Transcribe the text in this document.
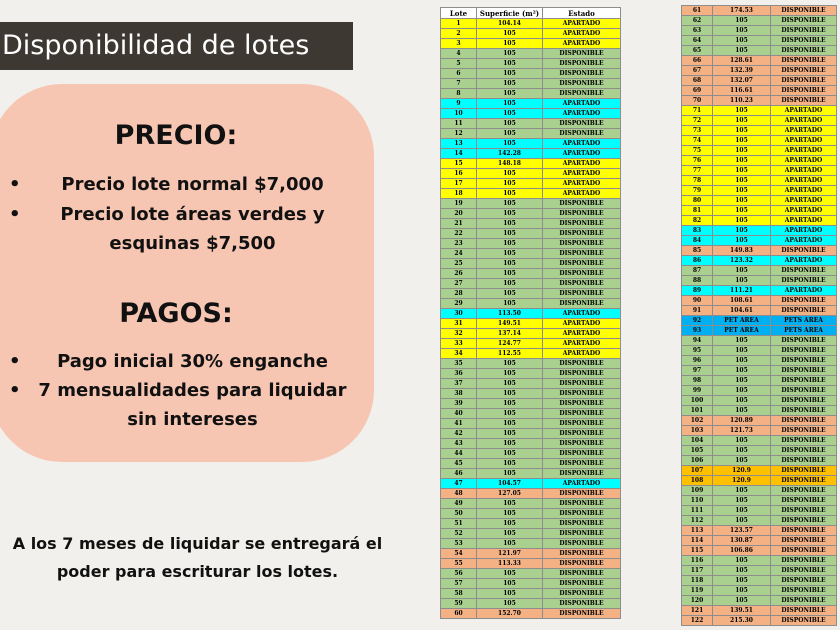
Disponibilidad de lotes
PRECIO:
• Precio lote normal $7,000
• Precio lote áreas verdes y esquinas $7,500
PAGOS:
• Pago inicial 30% enganche
• 7 mensualidades para liquidar sin intereses
A los 7 meses de liquidar se entregará el poder para escriturar los lotes.
Lote	Superficie (m²)	Estado
1	104.14	APARTADO
2	105	APARTADO
3	105	APARTADO
4	105	DISPONIBLE
5	105	DISPONIBLE
6	105	DISPONIBLE
7	105	DISPONIBLE
8	105	DISPONIBLE
9	105	APARTADO
10	105	APARTADO
11	105	DISPONIBLE
12	105	DISPONIBLE
13	105	APARTADO
14	142.28	APARTADO
15	148.18	APARTADO
16	105	APARTADO
17	105	APARTADO
18	105	APARTADO
19	105	DISPONIBLE
20	105	DISPONIBLE
21	105	DISPONIBLE
22	105	DISPONIBLE
23	105	DISPONIBLE
24	105	DISPONIBLE
25	105	DISPONIBLE
26	105	DISPONIBLE
27	105	DISPONIBLE
28	105	DISPONIBLE
29	105	DISPONIBLE
30	113.50	APARTADO
31	149.51	APARTADO
32	137.14	APARTADO
33	124.77	APARTADO
34	112.55	APARTADO
35	105	DISPONIBLE
36	105	DISPONIBLE
37	105	DISPONIBLE
38	105	DISPONIBLE
39	105	DISPONIBLE
40	105	DISPONIBLE
41	105	DISPONIBLE
42	105	DISPONIBLE
43	105	DISPONIBLE
44	105	DISPONIBLE
45	105	DISPONIBLE
46	105	DISPONIBLE
47	104.57	APARTADO
48	127.05	DISPONIBLE
49	105	DISPONIBLE
50	105	DISPONIBLE
51	105	DISPONIBLE
52	105	DISPONIBLE
53	105	DISPONIBLE
54	121.97	DISPONIBLE
55	113.33	DISPONIBLE
56	105	DISPONIBLE
57	105	DISPONIBLE
58	105	DISPONIBLE
59	105	DISPONIBLE
60	152.70	DISPONIBLE
61	174.53	DISPONIBLE
62	105	DISPONIBLE
63	105	DISPONIBLE
64	105	DISPONIBLE
65	105	DISPONIBLE
66	128.61	DISPONIBLE
67	132.39	DISPONIBLE
68	132.07	DISPONIBLE
69	116.61	DISPONIBLE
70	110.23	DISPONIBLE
71	105	APARTADO
72	105	APARTADO
73	105	APARTADO
74	105	APARTADO
75	105	APARTADO
76	105	APARTADO
77	105	APARTADO
78	105	APARTADO
79	105	APARTADO
80	105	APARTADO
81	105	APARTADO
82	105	APARTADO
83	105	APARTADO
84	105	APARTADO
85	149.83	DISPONIBLE
86	123.32	APARTADO
87	105	DISPONIBLE
88	105	DISPONIBLE
89	111.21	APARTADO
90	108.61	DISPONIBLE
91	104.61	DISPONIBLE
92	PET AREA	PETS AREA
93	PET AREA	PETS AREA
94	105	DISPONIBLE
95	105	DISPONIBLE
96	105	DISPONIBLE
97	105	DISPONIBLE
98	105	DISPONIBLE
99	105	DISPONIBLE
100	105	DISPONIBLE
101	105	DISPONIBLE
102	120.89	DISPONIBLE
103	121.73	DISPONIBLE
104	105	DISPONIBLE
105	105	DISPONIBLE
106	105	DISPONIBLE
107	120.9	DISPONIBLE
108	120.9	DISPONIBLE
109	105	DISPONIBLE
110	105	DISPONIBLE
111	105	DISPONIBLE
112	105	DISPONIBLE
113	123.57	DISPONIBLE
114	130.87	DISPONIBLE
115	106.86	DISPONIBLE
116	105	DISPONIBLE
117	105	DISPONIBLE
118	105	DISPONIBLE
119	105	DISPONIBLE
120	105	DISPONIBLE
121	139.51	DISPONIBLE
122	215.30	DISPONIBLE
